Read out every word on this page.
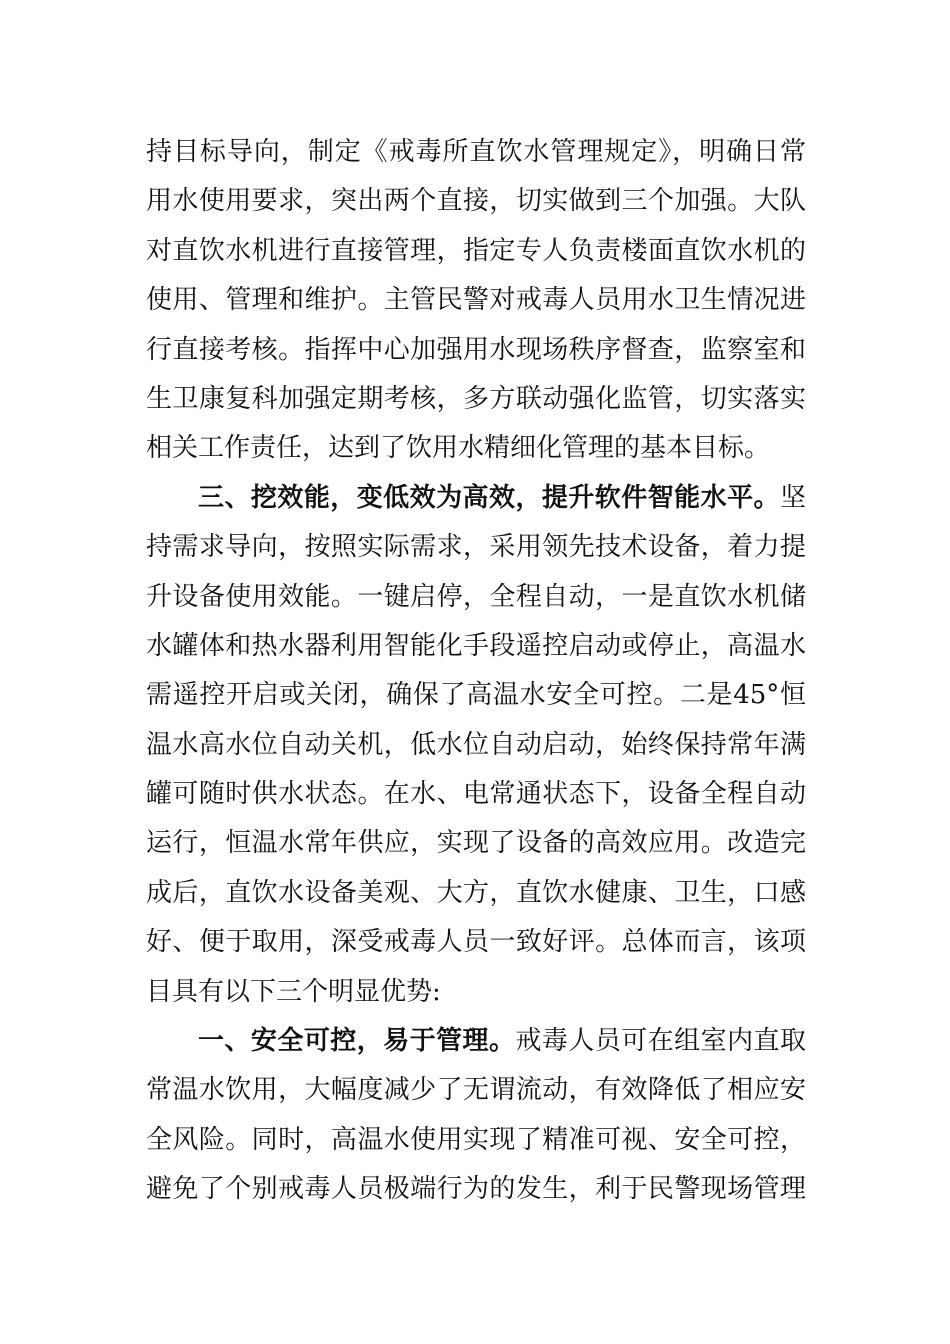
持目标导向，制定《戒毒所直饮水管理规定》，明确日常
用水使用要求，突出两个直接，切实做到三个加强。大队
对直饮水机进行直接管理，指定专人负责楼面直饮水机的
使用、管理和维护。主管民警对戒毒人员用水卫生情况进
行直接考核。指挥中心加强用水现场秩序督查，监察室和
生卫康复科加强定期考核，多方联动强化监管，切实落实
相关工作责任，达到了饮用水精细化管理的基本目标。
三、挖效能，变低效为高效，提升软件智能水平。坚
持需求导向，按照实际需求，采用领先技术设备，着力提
升设备使用效能。一键启停，全程自动，一是直饮水机储
水罐体和热水器利用智能化手段遥控启动或停止，高温水
需遥控开启或关闭，确保了高温水安全可控。二是45°恒
温水高水位自动关机，低水位自动启动，始终保持常年满
罐可随时供水状态。在水、电常通状态下，设备全程自动
运行，恒温水常年供应，实现了设备的高效应用。改造完
成后，直饮水设备美观、大方，直饮水健康、卫生，口感
好、便于取用，深受戒毒人员一致好评。总体而言，该项
目具有以下三个明显优势:
一、安全可控，易于管理。戒毒人员可在组室内直取
常温水饮用，大幅度减少了无谓流动，有效降低了相应安
全风险。同时，高温水使用实现了精准可视、安全可控，
避免了个别戒毒人员极端行为的发生，利于民警现场管理
